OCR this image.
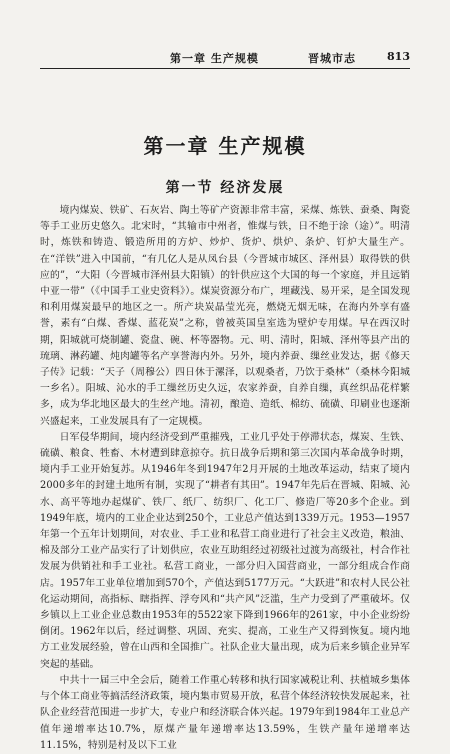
第一章 生产规模	晋城市志	813
第一章 生产规模
第一节 经济发展

境内煤炭、铁矿、石灰岩、陶土等矿产资源非常丰富，采煤、炼铁、蚕桑、陶瓷等手工业历史悠久。北宋时，“其输市中州者，惟煤与铁，日不绝于涂（途）”。明清时，炼铁和铸造、锻造所用的方炉、炒炉、货炉、烘炉、条炉、钉炉大量生产。在“洋铁”进入中国前，“有几亿人是从凤台县（今晋城市城区、泽州县）取得铁的供应的”，“大阳（今晋城市泽州县大阳镇）的针供应这个大国的每一个家庭，并且远销中亚一带”（《中国手工业史资料》）。煤炭资源分布广，埋藏浅、易开采，是全国发现和利用煤炭最早的地区之一。所产块炭晶莹光亮，燃烧无烟无味，在海内外享有盛誉，素有“白煤、香煤、蓝花炭”之称，曾被英国皇室选为壁炉专用煤。早在西汉时期，阳城就可烧制罐、瓷盘、碗、杯等器物。元、明、清时，阳城、泽州等县产出的琉璃、淋药罐、炖肉罐等名产享誉海内外。另外，境内养蚕、缫丝业发达，据《修天子传》记载：“天子（周穆公）四日休于漯泽，以观桑者，乃饮于桑林”（桑林今阳城一乡名）。阳城、沁水的手工缫丝历史久远，农家养蚕，自养自缫，真丝织品花样繁多，成为华北地区最大的生丝产地。清初，酿造、造纸、棉纺、硫磺、印刷业也逐渐兴盛起来，工业发展具有了一定规模。

日军侵华期间，境内经济受到严重摧残，工业几乎处于停滞状态，煤炭、生铁、硫磺、粮食、牲畜、木材遭到肆意掠夺。抗日战争后期和第三次国内革命战争时期，境内手工业开始复苏。从1946年冬到1947年2月开展的土地改革运动，结束了境内2000多年的封建土地所有制，实现了“耕者有其田”。1947年先后在晋城、阳城、沁水、高平等地办起煤矿、铁厂、纸厂、纺织厂、化工厂、修造厂等20多个企业。到1949年底，境内的工业企业达到250个，工业总产值达到1339万元。1953—1957年第一个五年计划期间，对农业、手工业和私营工商业进行了社会主义改造，粮油、棉及部分工业产品实行了计划供应，农业互助组经过初级社过渡为高级社，村合作社发展为供销社和手工业社。私营工商业，一部分归入国营商业，一部分组成合作商店。1957年工业单位增加到570个，产值达到5177万元。“大跃进”和农村人民公社化运动期间，高指标、瞎指挥、浮夸风和“共产风”泛滥，生产力受到了严重破坏。仅乡镇以上工业企业总数由1953年的5522家下降到1966年的261家，中小企业纷纷倒闭。1962年以后，经过调整、巩固、充实、提高，工业生产又得到恢复。境内地方工业发展经验，曾在山西和全国推广。社队企业大量出现，成为后来乡镇企业异军突起的基础。

中共十一届三中全会后，随着工作重心转移和执行国家减税让利、扶植城乡集体与个体工商业等搞活经济政策，境内集市贸易开放，私营个体经济较快发展起来，社队企业经营范围进一步扩大，专业户和经济联合体兴起。1979年到1984年工业总产值年递增率达10.7%，原煤产量年递增率达13.59%，生铁产量年递增率达11.15%，特别是村及以下工业
